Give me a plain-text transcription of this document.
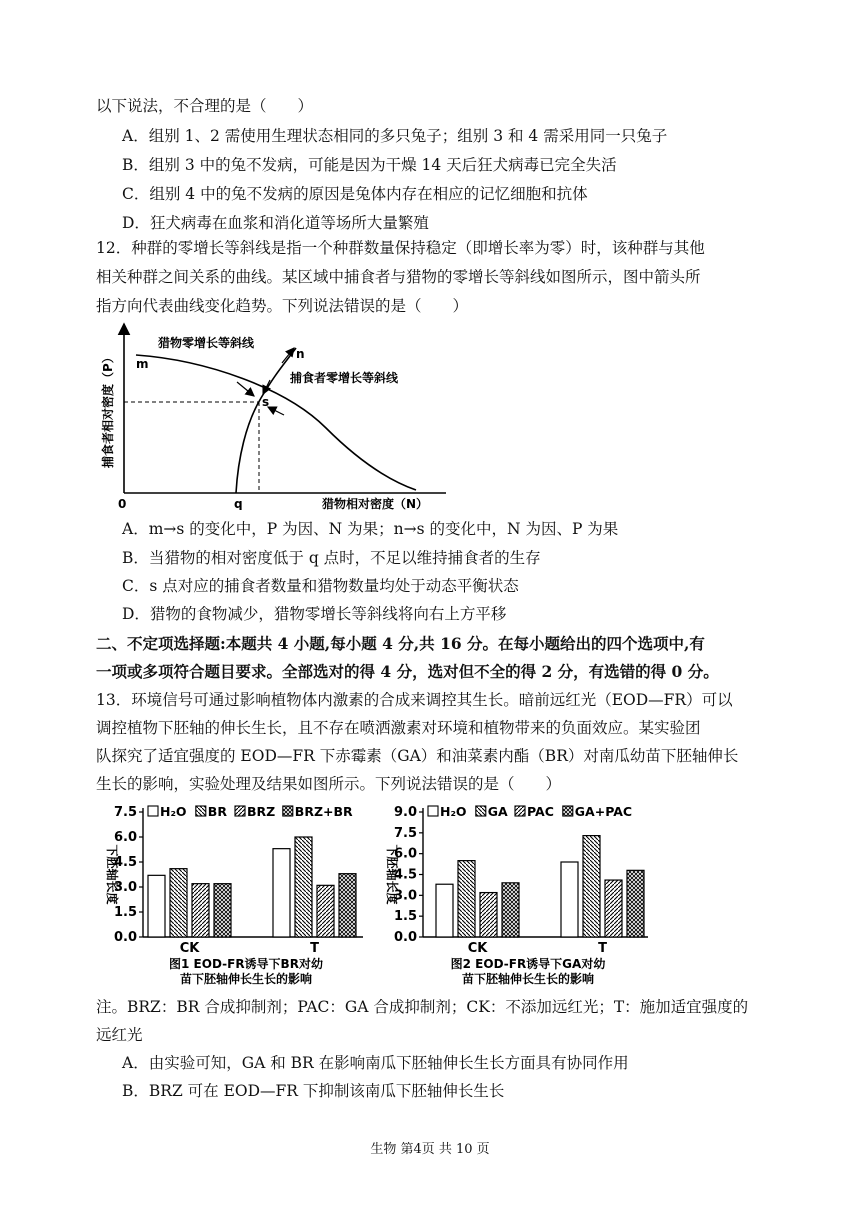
以下说法，不合理的是（　　）
A．组别 1、2 需使用生理状态相同的多只兔子；组别 3 和 4 需采用同一只兔子
B．组别 3 中的兔不发病，可能是因为干燥 14 天后狂犬病毒已完全失活
C．组别 4 中的兔不发病的原因是兔体内存在相应的记忆细胞和抗体
D．狂犬病毒在血浆和消化道等场所大量繁殖
12．种群的零增长等斜线是指一个种群数量保持稳定（即增长率为零）时，该种群与其他
相关种群之间关系的曲线。某区域中捕食者与猎物的零增长等斜线如图所示，图中箭头所
指方向代表曲线变化趋势。下列说法错误的是（　　）
猎物零增长等斜线
捕食者零增长等斜线
m
n
s
q
0	猎物相对密度（N）
捕食者相对密度（P）
A．m→s 的变化中，P 为因、N 为果；n→s 的变化中，N 为因、P 为果
B．当猎物的相对密度低于 q 点时，不足以维持捕食者的生存
C．s 点对应的捕食者数量和猎物数量均处于动态平衡状态
D．猎物的食物减少，猎物零增长等斜线将向右上方平移
二、不定项选择题:本题共 4 小题,每小题 4 分,共 16 分。在每小题给出的四个选项中,有
一项或多项符合题目要求。全部选对的得 4 分，选对但不全的得 2 分，有选错的得 0 分。
13．环境信号可通过影响植物体内激素的合成来调控其生长。暗前远红光（EOD—FR）可以
调控植物下胚轴的伸长生长，且不存在喷洒激素对环境和植物带来的负面效应。某实验团
队探究了适宜强度的 EOD—FR 下赤霉素（GA）和油菜素内酯（BR）对南瓜幼苗下胚轴伸长
生长的影响，实验处理及结果如图所示。下列说法错误的是（　　）
0.0
1.5
3.0
4.5
6.0
7.5
下胚轴长度
CK	T
H₂O BR BRZ BRZ+BR
图1 EOD-FR诱导下BR对幼
苗下胚轴伸长生长的影响
0.0
1.5
3.0
4.5
6.0
7.5
9.0
下胚轴长度
CK	T
H₂O GA PAC GA+PAC
图2 EOD-FR诱导下GA对幼
苗下胚轴伸长生长的影响
注。BRZ：BR 合成抑制剂；PAC：GA 合成抑制剂；CK：不添加远红光；T：施加适宜强度的
远红光
A．由实验可知，GA 和 BR 在影响南瓜下胚轴伸长生长方面具有协同作用
B．BRZ 可在 EOD—FR 下抑制该南瓜下胚轴伸长生长
生物 第4页 共 10 页
